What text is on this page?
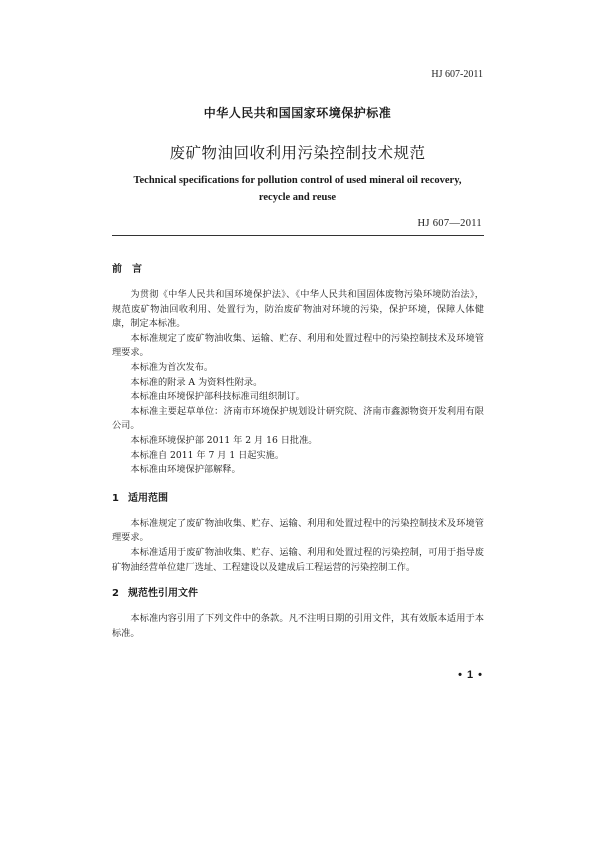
HJ 607-2011
中华人民共和国国家环境保护标准
废矿物油回收利用污染控制技术规范
Technical specifications for pollution control of used mineral oil recovery,
recycle and reuse
HJ 607—2011
前言

为贯彻《中华人民共和国环境保护法》、《中华人民共和国固体废物污染环境防治法》，规范废矿物油回收利用、处置行为，防治废矿物油对环境的污染，保护环境，保障人体健康，制定本标准。

本标准规定了废矿物油收集、运输、贮存、利用和处置过程中的污染控制技术及环境管理要求。

本标准为首次发布。

本标准的附录 A 为资料性附录。

本标准由环境保护部科技标准司组织制订。

本标准主要起草单位：济南市环境保护规划设计研究院、济南市鑫源物资开发利用有限公司。

本标准环境保护部 2011 年 2 月 16 日批准。

本标准自 2011 年 7 月 1 日起实施。

本标准由环境保护部解释。

1 适用范围

本标准规定了废矿物油收集、贮存、运输、利用和处置过程中的污染控制技术及环境管理要求。

本标准适用于废矿物油收集、贮存、运输、利用和处置过程的污染控制，可用于指导废矿物油经营单位建厂选址、工程建设以及建成后工程运营的污染控制工作。

2 规范性引用文件

本标准内容引用了下列文件中的条款。凡不注明日期的引用文件，其有效版本适用于本标准。

• 1 •
